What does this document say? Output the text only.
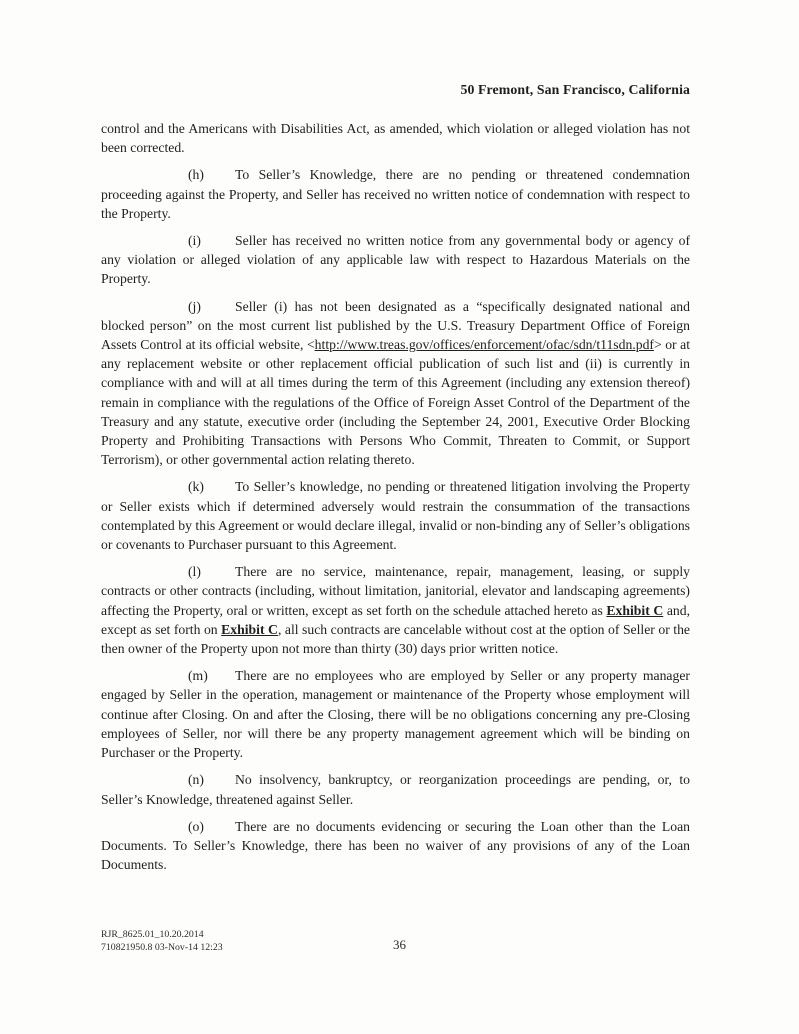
50 Fremont, San Francisco, California

control and the Americans with Disabilities Act, as amended, which violation or alleged violation has not been corrected.

(h) To Seller’s Knowledge, there are no pending or threatened condemnation proceeding against the Property, and Seller has received no written notice of condemnation with respect to the Property.

(i) Seller has received no written notice from any governmental body or agency of any violation or alleged violation of any applicable law with respect to Hazardous Materials on the Property.

(j) Seller (i) has not been designated as a “specifically designated national and blocked person” on the most current list published by the U.S. Treasury Department Office of Foreign Assets Control at its official website, <http://www.treas.gov/offices/enforcement/ofac/sdn/t11sdn.pdf> or at any replacement website or other replacement official publication of such list and (ii) is currently in compliance with and will at all times during the term of this Agreement (including any extension thereof) remain in compliance with the regulations of the Office of Foreign Asset Control of the Department of the Treasury and any statute, executive order (including the September 24, 2001, Executive Order Blocking Property and Prohibiting Transactions with Persons Who Commit, Threaten to Commit, or Support Terrorism), or other governmental action relating thereto.

(k) To Seller’s knowledge, no pending or threatened litigation involving the Property or Seller exists which if determined adversely would restrain the consummation of the transactions contemplated by this Agreement or would declare illegal, invalid or non-binding any of Seller’s obligations or covenants to Purchaser pursuant to this Agreement.

(l) There are no service, maintenance, repair, management, leasing, or supply contracts or other contracts (including, without limitation, janitorial, elevator and landscaping agreements) affecting the Property, oral or written, except as set forth on the schedule attached hereto as Exhibit C and, except as set forth on Exhibit C, all such contracts are cancelable without cost at the option of Seller or the then owner of the Property upon not more than thirty (30) days prior written notice.

(m) There are no employees who are employed by Seller or any property manager engaged by Seller in the operation, management or maintenance of the Property whose employment will continue after Closing. On and after the Closing, there will be no obligations concerning any pre-Closing employees of Seller, nor will there be any property management agreement which will be binding on Purchaser or the Property.

(n) No insolvency, bankruptcy, or reorganization proceedings are pending, or, to Seller’s Knowledge, threatened against Seller.

(o) There are no documents evidencing or securing the Loan other than the Loan Documents. To Seller’s Knowledge, there has been no waiver of any provisions of any of the Loan Documents.

RJR_8625.01_10.20.2014
710821950.8 03-Nov-14 12:23	36
